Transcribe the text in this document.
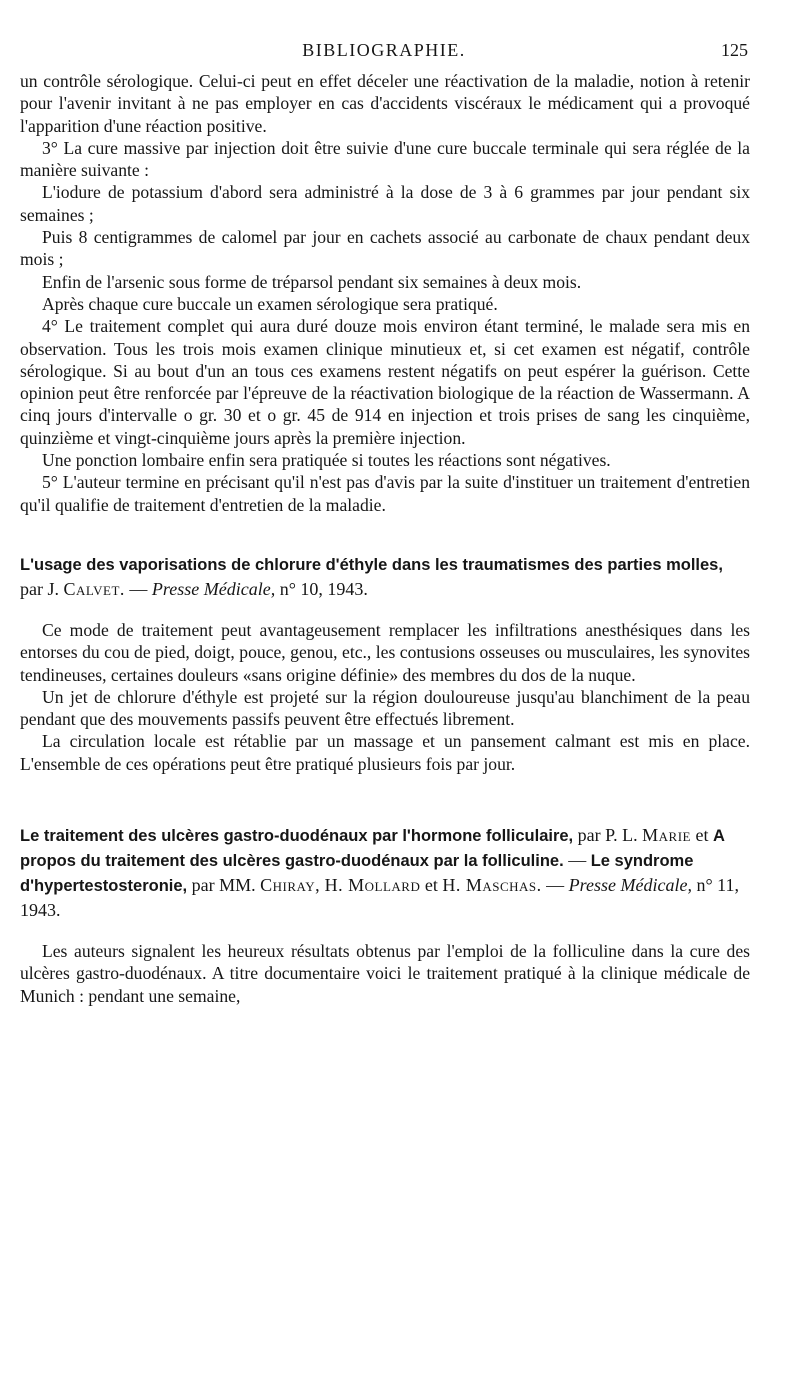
BIBLIOGRAPHIE.	125

un contrôle sérologique. Celui-ci peut en effet déceler une réactivation de la maladie, notion à retenir pour l'avenir invitant à ne pas employer en cas d'accidents viscéraux le médicament qui a provoqué l'apparition d'une réaction positive.

3° La cure massive par injection doit être suivie d'une cure buccale terminale qui sera réglée de la manière suivante :

L'iodure de potassium d'abord sera administré à la dose de 3 à 6 grammes par jour pendant six semaines ;

Puis 8 centigrammes de calomel par jour en cachets associé au carbonate de chaux pendant deux mois ;

Enfin de l'arsenic sous forme de tréparsol pendant six semaines à deux mois.

Après chaque cure buccale un examen sérologique sera pratiqué.

4° Le traitement complet qui aura duré douze mois environ étant terminé, le malade sera mis en observation. Tous les trois mois examen clinique minutieux et, si cet examen est négatif, contrôle sérologique. Si au bout d'un an tous ces examens restent négatifs on peut espérer la guérison. Cette opinion peut être renforcée par l'épreuve de la réactivation biologique de la réaction de Wassermann. A cinq jours d'intervalle o gr. 30 et o gr. 45 de 914 en injection et trois prises de sang les cinquième, quinzième et vingt-cinquième jours après la première injection.

Une ponction lombaire enfin sera pratiquée si toutes les réactions sont négatives.

5° L'auteur termine en précisant qu'il n'est pas d'avis par la suite d'instituer un traitement d'entretien qu'il qualifie de traitement d'entretien de la maladie.

L'usage des vaporisations de chlorure d'éthyle dans les traumatismes des parties molles, par J. Calvet. — Presse Médicale, n° 10, 1943.

Ce mode de traitement peut avantageusement remplacer les infiltrations anesthésiques dans les entorses du cou de pied, doigt, pouce, genou, etc., les contusions osseuses ou musculaires, les synovites tendineuses, certaines douleurs «sans origine définie» des membres du dos de la nuque.

Un jet de chlorure d'éthyle est projeté sur la région douloureuse jusqu'au blanchiment de la peau pendant que des mouvements passifs peuvent être effectués librement.

La circulation locale est rétablie par un massage et un pansement calmant est mis en place. L'ensemble de ces opérations peut être pratiqué plusieurs fois par jour.

Le traitement des ulcères gastro-duodénaux par l'hormone folliculaire, par P. L. Marie et A propos du traitement des ulcères gastro-duodénaux par la folliculine. — Le syndrome d'hypertestosteronie, par MM. Chiray, H. Mollard et H. Maschas. — Presse Médicale, n° 11, 1943.

Les auteurs signalent les heureux résultats obtenus par l'emploi de la folliculine dans la cure des ulcères gastro-duodénaux. A titre documentaire voici le traitement pratiqué à la clinique médicale de Munich : pendant une semaine,
